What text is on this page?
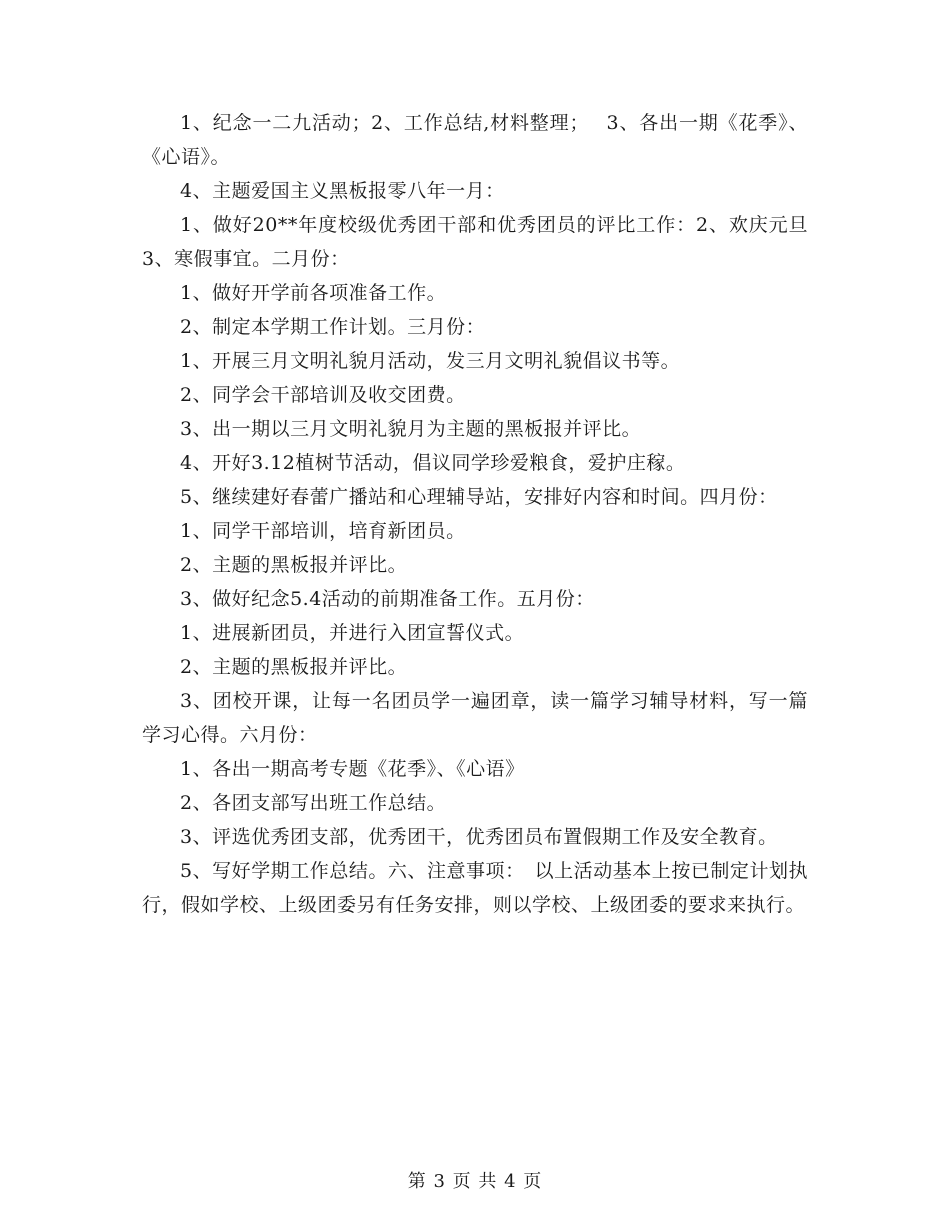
1、纪念一二九活动；2、工作总结,材料整理；　 3、各出一期《花季》、《心语》。

4、主题爱国主义黑板报零八年一月：

1、做好20**年度校级优秀团干部和优秀团员的评比工作：2、欢庆元旦 3、寒假事宜。二月份：

1、做好开学前各项准备工作。

2、制定本学期工作计划。三月份：

1、开展三月文明礼貌月活动，发三月文明礼貌倡议书等。

2、同学会干部培训及收交团费。

3、出一期以三月文明礼貌月为主题的黑板报并评比。

4、开好3.12植树节活动，倡议同学珍爱粮食，爱护庄稼。

5、继续建好春蕾广播站和心理辅导站，安排好内容和时间。四月份：

1、同学干部培训，培育新团员。

2、主题的黑板报并评比。

3、做好纪念5.4活动的前期准备工作。五月份：

1、进展新团员，并进行入团宣誓仪式。

2、主题的黑板报并评比。

3、团校开课，让每一名团员学一遍团章，读一篇学习辅导材料，写一篇学习心得。六月份：

1、各出一期高考专题《花季》、《心语》

2、各团支部写出班工作总结。

3、评选优秀团支部，优秀团干，优秀团员布置假期工作及安全教育。

5、写好学期工作总结。六、注意事项：　以上活动基本上按已制定计划执行，假如学校、上级团委另有任务安排，则以学校、上级团委的要求来执行。

第 3 页 共 4 页
